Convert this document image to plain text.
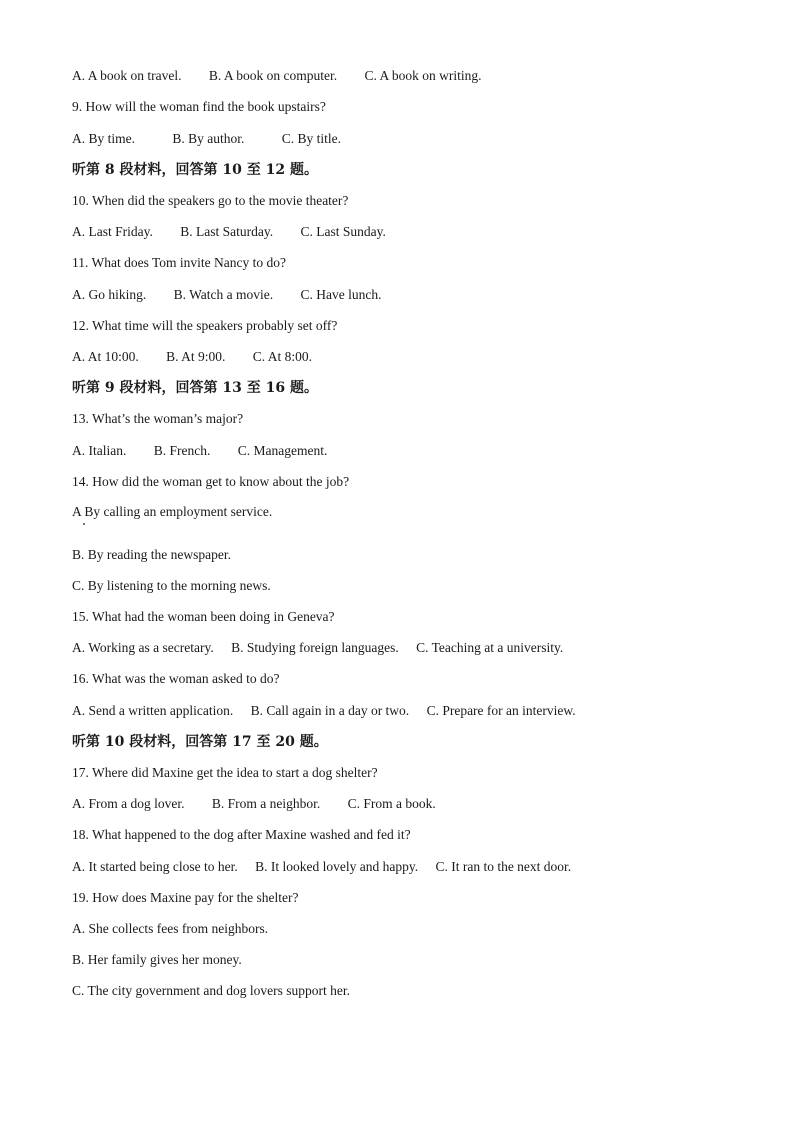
A. A book on travel. B. A book on computer. C. A book on writing.
9. How will the woman find the book upstairs?
A. By time.	B. By author.	C. By title.
听第 8 段材料，回答第 10 至 12 题。
10. When did the speakers go to the movie theater?
A. Last Friday. B. Last Saturday. C. Last Sunday.
11. What does Tom invite Nancy to do?
A. Go hiking. B. Watch a movie. C. Have lunch.
12. What time will the speakers probably set off?
A. At 10:00. B. At 9:00. C. At 8:00.
听第 9 段材料，回答第 13 至 16 题。
13. What’s the woman’s major?
A. Italian. B. French. C. Management.
14. How did the woman get to know about the job?
A By calling an employment service.
B. By reading the newspaper.
C. By listening to the morning news.
15. What had the woman been doing in Geneva?
A. Working as a secretary. B. Studying foreign languages. C. Teaching at a university.
16. What was the woman asked to do?
A. Send a written application. B. Call again in a day or two. C. Prepare for an interview.
听第 10 段材料，回答第 17 至 20 题。
17. Where did Maxine get the idea to start a dog shelter?
A. From a dog lover. B. From a neighbor. C. From a book.
18. What happened to the dog after Maxine washed and fed it?
A. It started being close to her. B. It looked lovely and happy. C. It ran to the next door.
19. How does Maxine pay for the shelter?
A. She collects fees from neighbors.
B. Her family gives her money.
C. The city government and dog lovers support her.
